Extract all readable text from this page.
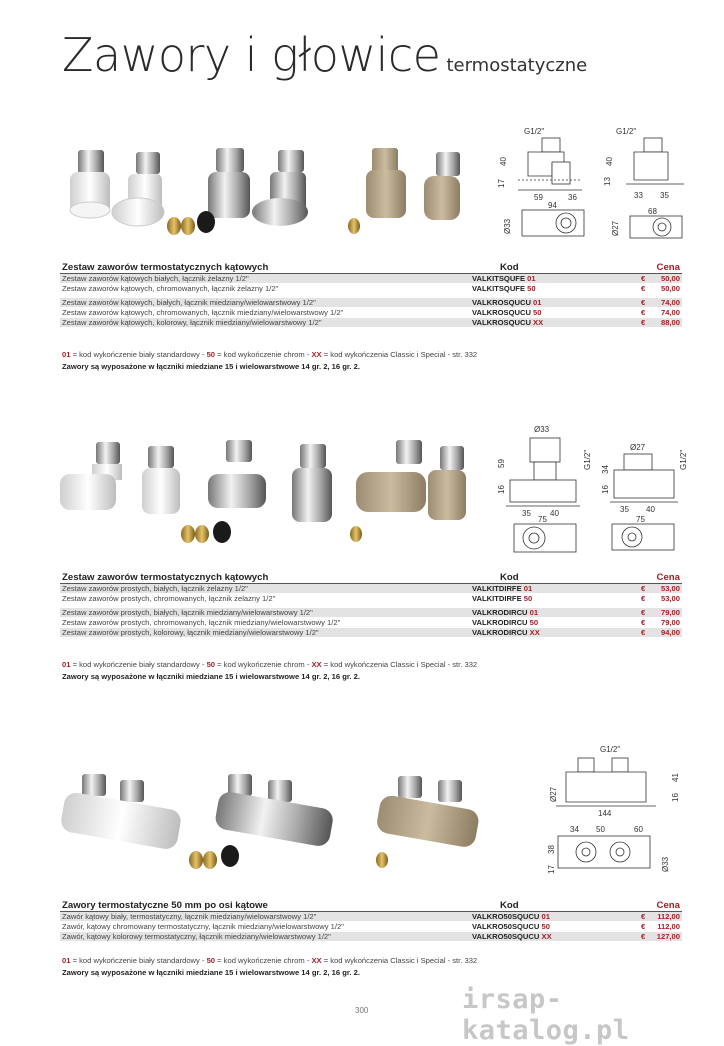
Zawory i głowice termostatyczne
G1/2"
40
17
59	36
94
Ø33
G1/2"
40
13
33 35
68
Ø27
Zestaw zaworów termostatycznych kątowych	Kod	Cena
Zestaw zaworów kątowych białych, łącznik żelazny 1/2"	VALKITSQUFE 01	€ 50,00
Zestaw zaworów kątowych, chromowanych, łącznik żelazny 1/2"	VALKITSQUFE 50	€ 50,00
Zestaw zaworów kątowych, białych, łącznik miedziany/wielowarstwowy 1/2"	VALKROSQUCU 01	€ 74,00
Zestaw zaworów kątowych, chromowanych, łącznik miedziany/wielowarstwowy 1/2"	VALKROSQUCU 50	€ 74,00
Zestaw zaworów kątowych, kolorowy, łącznik miedziany/wielowarstwowy 1/2"	VALKROSQUCU XX	€ 88,00
01 = kod wykończenie biały standardowy - 50 = kod wykończenie chrom - XX = kod wykończenia Classic i Special - str. 332
Zawory są wyposażone w łączniki miedziane 15 i wielowarstwowe 14 gr. 2, 16 gr. 2.
Ø33
59
16
35 40
G1/2"
75
Ø27
34
16
35 40
G1/2"
75
Zestaw zaworów termostatycznych kątowych	Kod	Cena
Zestaw zaworów prostych, białych, łącznik żelazny 1/2"	VALKITDIRFE 01	€ 53,00
Zestaw zaworów prostych, chromowanych, łącznik żelazny 1/2"	VALKITDIRFE 50	€ 53,00
Zestaw zaworów prostych, białych, łącznik miedziany/wielowarstwowy 1/2"	VALKRODIRCU 01	€ 79,00
Zestaw zaworów prostych, chromowanych, łącznik miedziany/wielowarstwowy 1/2"	VALKRODIRCU 50	€ 79,00
Zestaw zaworów prostych, kolorowy, łącznik miedziany/wielowarstwowy 1/2"	VALKRODIRCU XX	€ 94,00
01 = kod wykończenie biały standardowy - 50 = kod wykończenie chrom - XX = kod wykończenia Classic i Special - str. 332
Zawory są wyposażone w łączniki miedziane 15 i wielowarstwowe 14 gr. 2, 16 gr. 2.
G1/2"
Ø27
41
16
144
34 50	60
38
17	Ø33
Zawory termostatyczne 50 mm po osi kątowe	Kod	Cena
Zawór kątowy biały, termostatyczny, łącznik miedziany/wielowarstwowy 1/2"	VALKRO50SQUCU 01	€ 112,00
Zawór, kątowy chromowany termostatyczny, łącznik miedziany/wielowarstwowy 1/2"	VALKRO50SQUCU 50	€ 112,00
Zawór, kątowy kolorowy termostatyczny, łącznik miedziany/wielowarstwowy 1/2"	VALKRO50SQUCU XX	€ 127,00
01 = kod wykończenie biały standardowy - 50 = kod wykończenie chrom - XX = kod wykończenia Classic i Special - str. 332
Zawory są wyposażone w łączniki miedziane 15 i wielowarstwowe 14 gr. 2, 16 gr. 2.
300	irsap-katalog.pl
